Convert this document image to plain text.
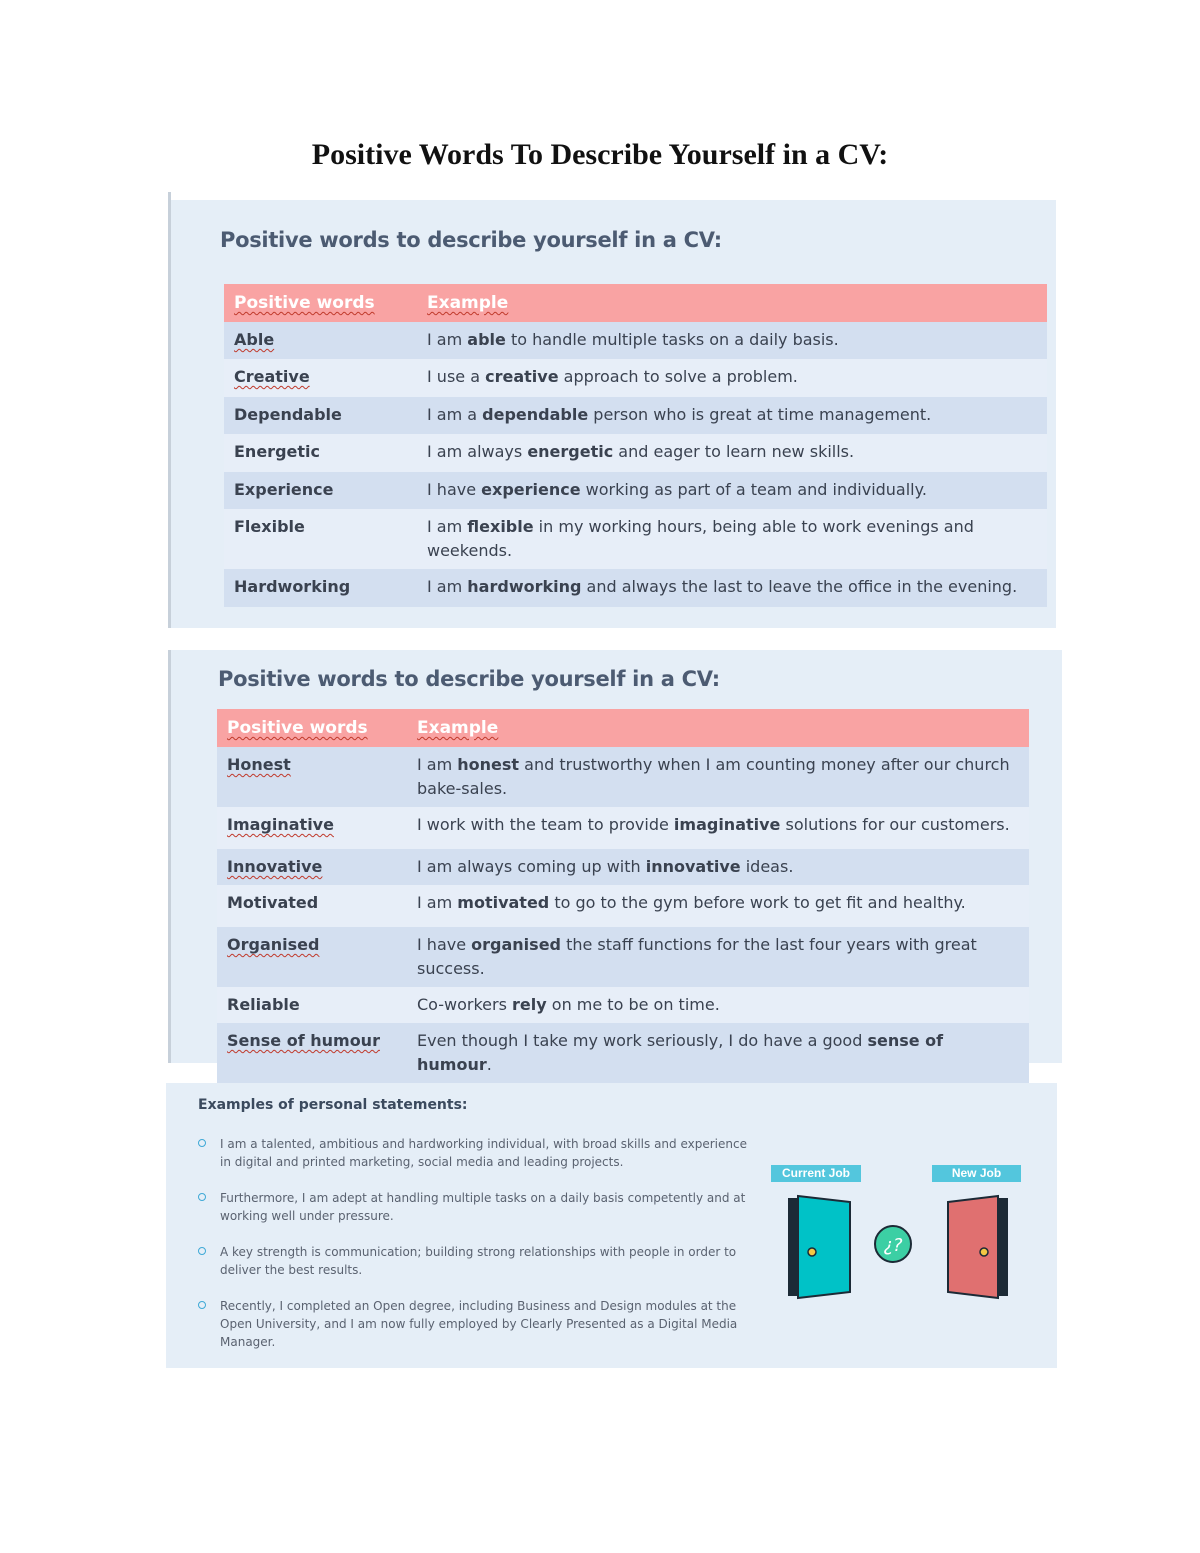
Positive Words To Describe Yourself in a CV:
Positive words to describe yourself in a CV:
Positive words	Example
Able	I am able to handle multiple tasks on a daily basis.
Creative	I use a creative approach to solve a problem.
Dependable	I am a dependable person who is great at time management.
Energetic	I am always energetic and eager to learn new skills.
Experience	I have experience working as part of a team and individually.
Flexible	I am flexible in my working hours, being able to work evenings and weekends.
Hardworking	I am hardworking and always the last to leave the office in the evening.
Positive words to describe yourself in a CV:
Positive words	Example
Honest	I am honest and trustworthy when I am counting money after our church bake-sales.
Imaginative	I work with the team to provide imaginative solutions for our customers.
Innovative	I am always coming up with innovative ideas.
Motivated	I am motivated to go to the gym before work to get fit and healthy.
Organised	I have organised the staff functions for the last four years with great success.
Reliable	Co-workers rely on me to be on time.
Sense of humour	Even though I take my work seriously, I do have a good sense of humour.
Examples of personal statements:
I am a talented, ambitious and hardworking individual, with broad skills and experience in digital and printed marketing, social media and leading projects.
Furthermore, I am adept at handling multiple tasks on a daily basis competently and at working well under pressure.
A key strength is communication; building strong relationships with people in order to deliver the best results.
Recently, I completed an Open degree, including Business and Design modules at the Open University, and I am now fully employed by Clearly Presented as a Digital Media Manager.
Current Job	New Job
¿?
